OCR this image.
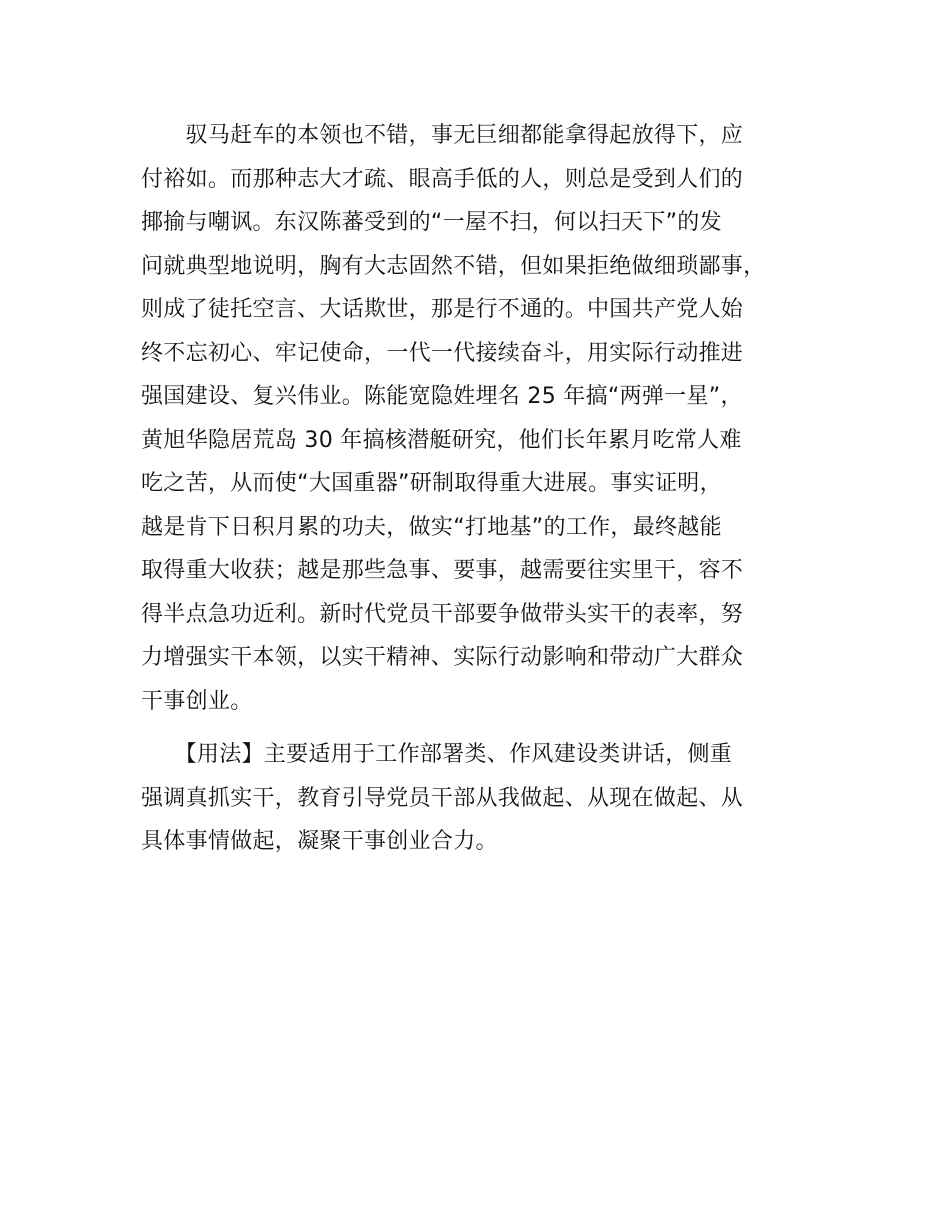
　　驭马赶车的本领也不错，事无巨细都能拿得起放得下，应
付裕如。而那种志大才疏、眼高手低的人，则总是受到人们的
揶揄与嘲讽。东汉陈蕃受到的“一屋不扫，何以扫天下”的发
问就典型地说明，胸有大志固然不错，但如果拒绝做细琐鄙事，
则成了徒托空言、大话欺世，那是行不通的。中国共产党人始
终不忘初心、牢记使命，一代一代接续奋斗，用实际行动推进
强国建设、复兴伟业。陈能宽隐姓埋名 25 年搞“两弹一星”，
黄旭华隐居荒岛 30 年搞核潜艇研究，他们长年累月吃常人难
吃之苦，从而使“大国重器”研制取得重大进展。事实证明，
越是肯下日积月累的功夫，做实“打地基”的工作，最终越能
取得重大收获；越是那些急事、要事，越需要往实里干，容不
得半点急功近利。新时代党员干部要争做带头实干的表率，努
力增强实干本领，以实干精神、实际行动影响和带动广大群众
干事创业。
　　【用法】主要适用于工作部署类、作风建设类讲话，侧重
强调真抓实干，教育引导党员干部从我做起、从现在做起、从
具体事情做起，凝聚干事创业合力。
